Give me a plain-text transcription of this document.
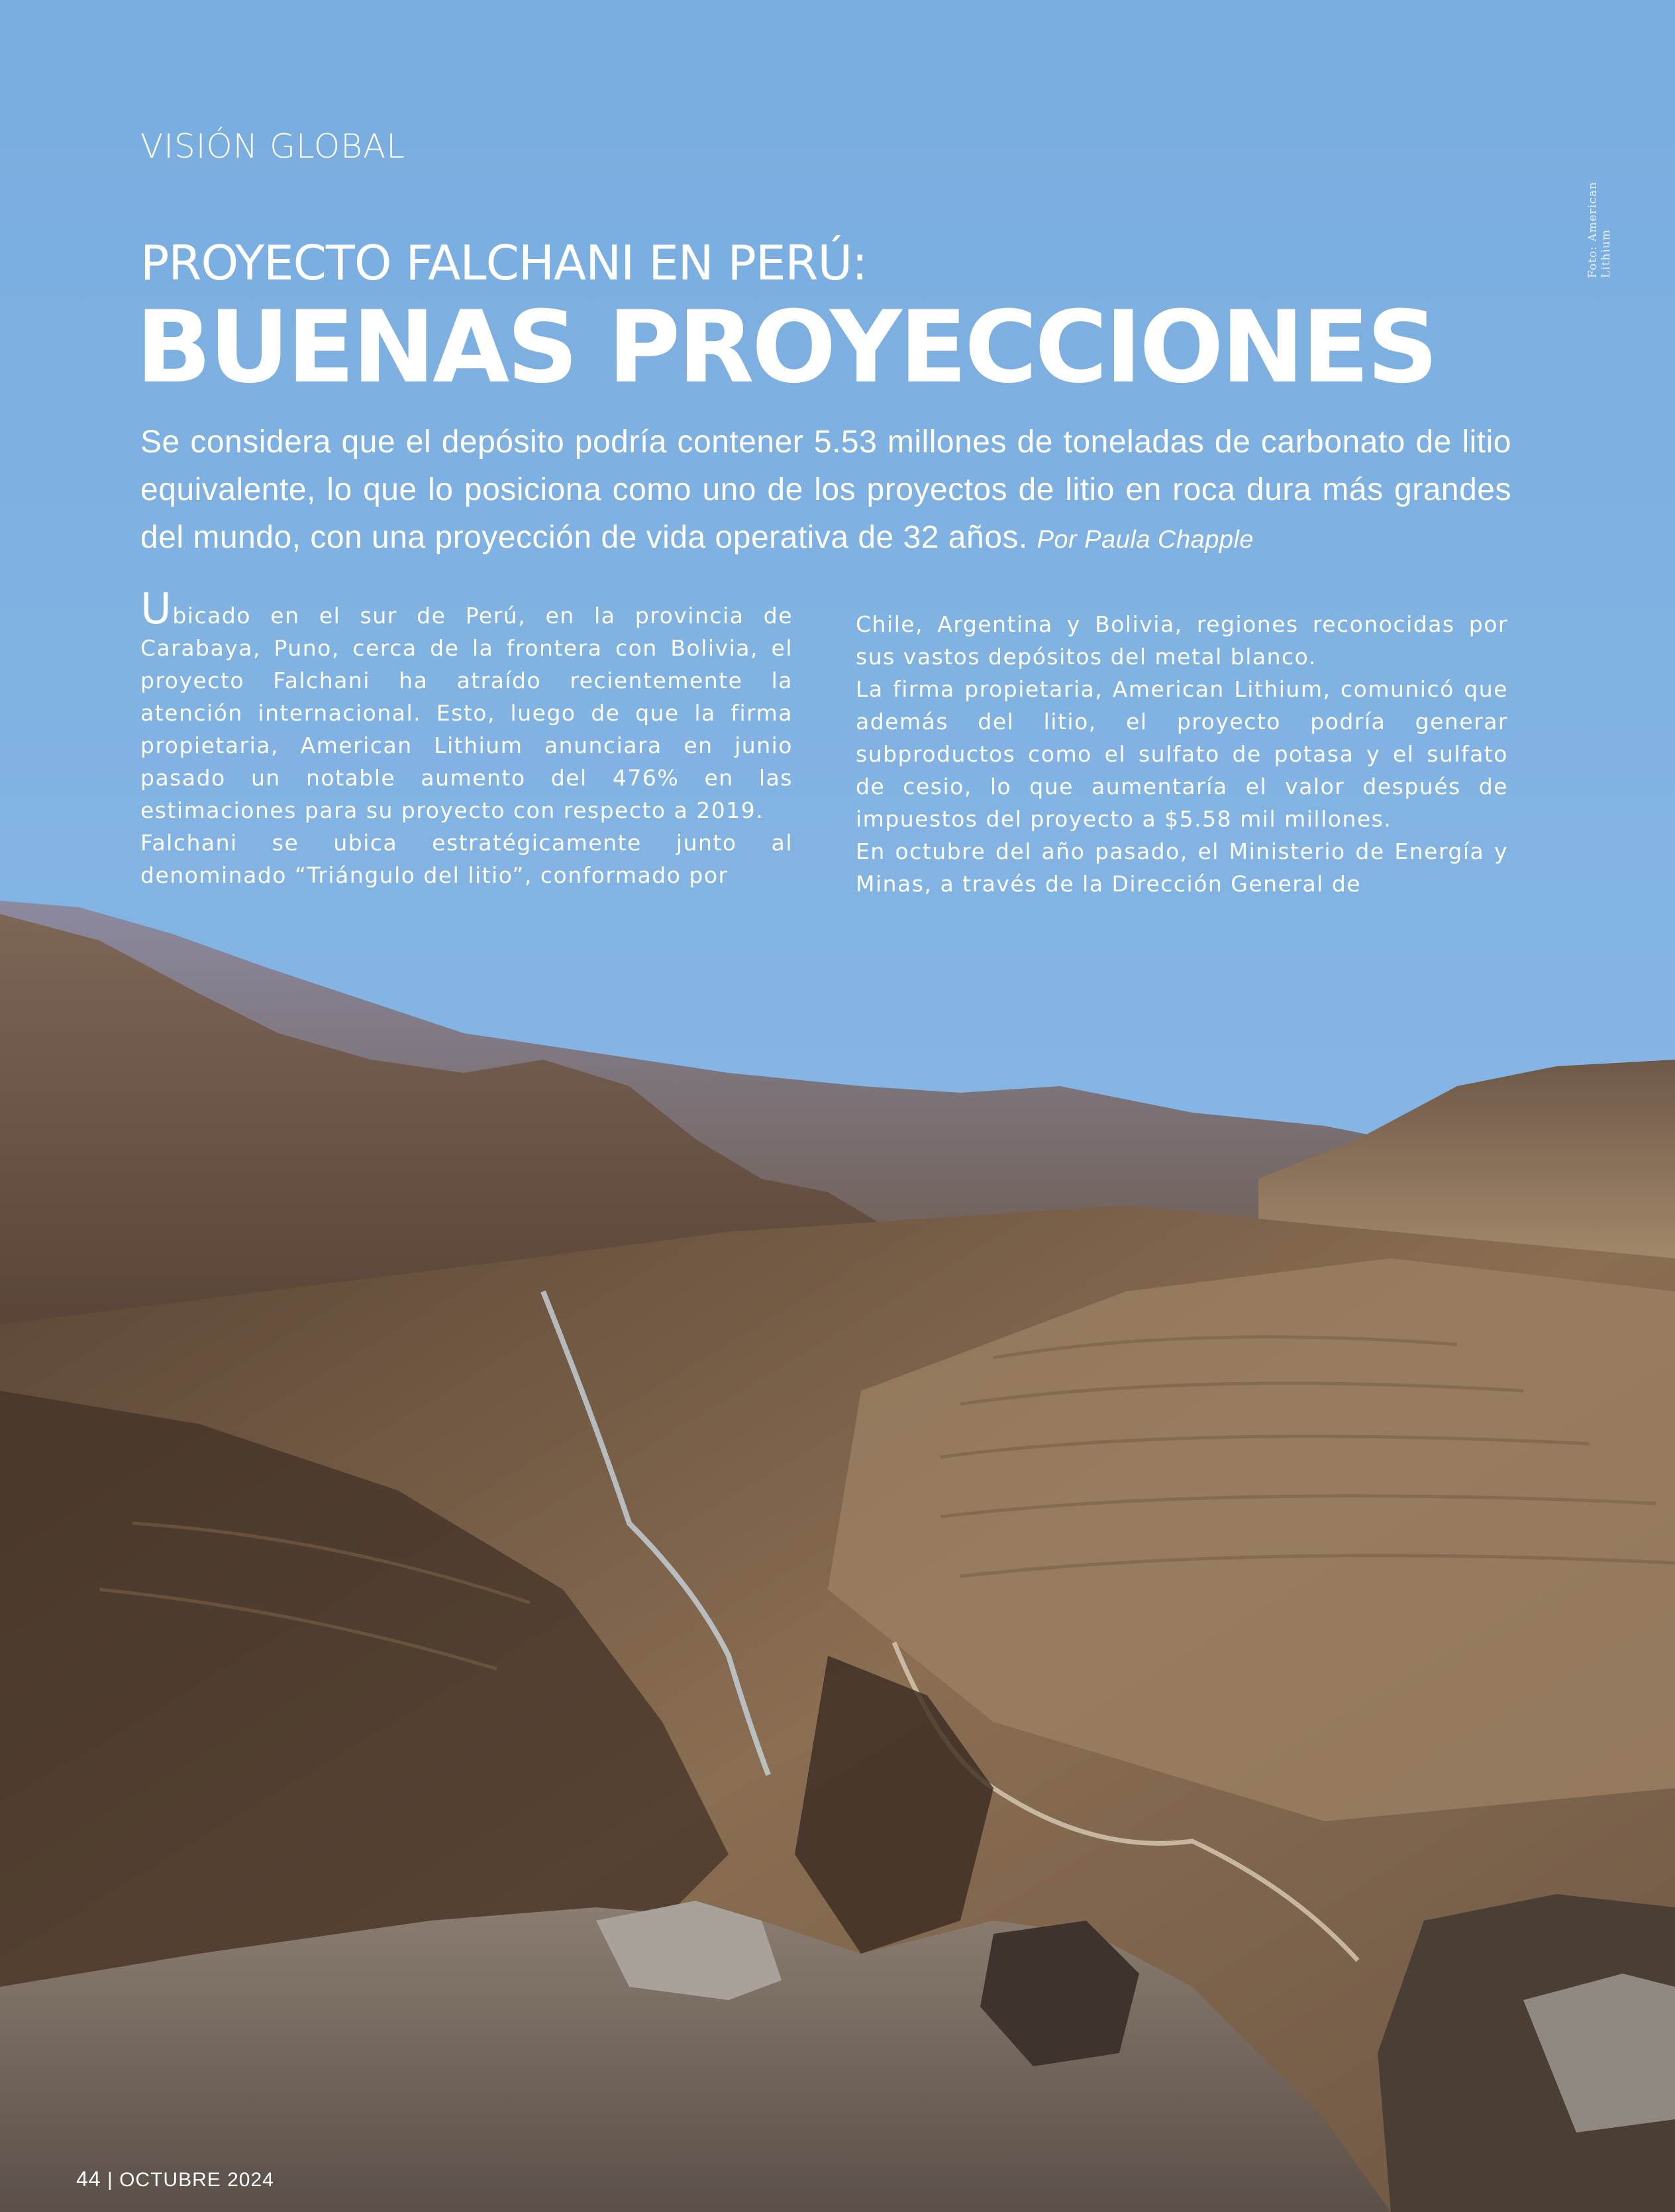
VISIÓN GLOBAL
Foto: American Lithium
PROYECTO FALCHANI EN PERÚ:
BUENAS PROYECCIONES
Se considera que el depósito podría contener 5.53 millones de toneladas de carbonato de litio equivalente, lo que lo posiciona como uno de los proyectos de litio en roca dura más grandes del mundo, con una proyección de vida operativa de 32 años. Por Paula Chapple

Ubicado en el sur de Perú, en la provincia de Carabaya, Puno, cerca de la frontera con Bolivia, el proyecto Falchani ha atraído recientemente la atención internacional. Esto, luego de que la firma propietaria, American Lithium anunciara en junio pasado un notable aumento del 476% en las estimaciones para su proyecto con respecto a 2019.

Falchani se ubica estratégicamente junto al denominado “Triángulo del litio”, conformado por

Chile, Argentina y Bolivia, regiones reconocidas por sus vastos depósitos del metal blanco.

La firma propietaria, American Lithium, comunicó que además del litio, el proyecto podría generar subproductos como el sulfato de potasa y el sulfato de cesio, lo que aumentaría el valor después de impuestos del proyecto a $5.58 mil millones.

En octubre del año pasado, el Ministerio de Energía y Minas, a través de la Dirección General de

44 | OCTUBRE 2024
